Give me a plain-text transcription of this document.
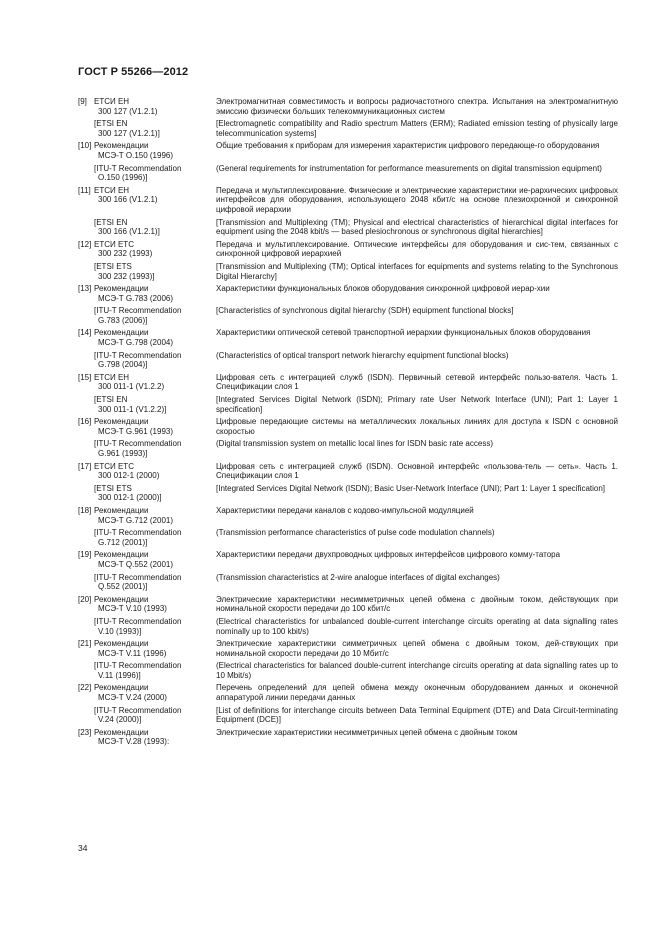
ГОСТ Р 55266—2012
[9] ЕТСИ ЕН
300 127 (V1.2.1)
Электромагнитная совместимость и вопросы радиочастотного спектра. Испытания на электромагнитную эмиссию физически больших телекоммуникационных систем
[ETSI EN
300 127 (V1.2.1)]
[Electromagnetic compatibility and Radio spectrum Matters (ERM); Radiated emission testing of physically large telecommunication systems]
[10] Рекомендации
МСЭ-Т О.150 (1996)
Общие требования к приборам для измерения характеристик цифрового передающе-го оборудования
[ITU-T Recommendation
O.150 (1996)]
(General requirements for instrumentation for performance measurements on digital transmission equipment)
[11] ЕТСИ ЕН
300 166 (V1.2.1)
Передача и мультиплексирование. Физические и электрические характеристики ие-рархических цифровых интерфейсов для оборудования, использующего 2048 кбит/с на основе плезиохронной и синхронной цифровой иерархии
[ETSI EN
300 166 (V1.2.1)]
[Transmission and Multiplexing (TM); Physical and electrical characteristics of hierarchical digital interfaces for equipment using the 2048 kbit/s — based plesiochronous or synchronous digital hierarchies]
[12] ЕТСИ ЕТС
300 232 (1993)
Передача и мультиплексирование. Оптические интерфейсы для оборудования и сис-тем, связанных с синхронной цифровой иерархией
[ETSI ETS
300 232 (1993)]
[Transmission and Multiplexing (TM); Optical interfaces for equipments and systems relating to the Synchronous Digital Hierarchy]
[13] Рекомендации
МСЭ-Т G.783 (2006)
Характеристики функциональных блоков оборудования синхронной цифровой иерар-хии
[ITU-T Recommendation
G.783 (2006)]
[Characteristics of synchronous digital hierarchy (SDH) equipment functional blocks]
[14] Рекомендации
МСЭ-Т G.798 (2004)
Характеристики оптической сетевой транспортной иерархии функциональных блоков оборудования
[ITU-T Recommendation
G.798 (2004)]
(Characteristics of optical transport network hierarchy equipment functional blocks)
[15] ЕТСИ ЕН
300 011-1 (V1.2.2)
Цифровая сеть с интеграцией служб (ISDN). Первичный сетевой интерфейс пользо-вателя. Часть 1. Спецификации слоя 1
[ETSI EN
300 011-1 (V1.2.2)]
[Integrated Services Digital Network (ISDN); Primary rate User Network Interface (UNI); Part 1: Layer 1 specification]
[16] Рекомендации
МСЭ-Т G.961 (1993)
Цифровые передающие системы на металлических локальных линиях для доступа к ISDN с основной скоростью
[ITU-T Recommendation
G.961 (1993)]
(Digital transmission system on metallic local lines for ISDN basic rate access)
[17] ЕТСИ ЕТС
300 012-1 (2000)
Цифровая сеть с интеграцией служб (ISDN). Основной интерфейс «пользова-тель — сеть». Часть 1. Спецификации слоя 1
[ETSI ETS
300 012-1 (2000)]
[Integrated Services Digital Network (ISDN); Basic User-Network Interface (UNI); Part 1: Layer 1 specification]
[18] Рекомендации
МСЭ-Т G.712 (2001)
Характеристики передачи каналов с кодово-импульсной модуляцией
[ITU-T Recommendation
G.712 (2001)]
(Transmission performance characteristics of pulse code modulation channels)
[19] Рекомендации
МСЭ-Т Q.552 (2001)
Характеристики передачи двухпроводных цифровых интерфейсов цифрового комму-татора
[ITU-T Recommendation
Q.552 (2001)]
(Transmission characteristics at 2-wire analogue interfaces of digital exchanges)
[20] Рекомендации
МСЭ-Т V.10 (1993)
Электрические характеристики несимметричных цепей обмена с двойным током, действующих при номинальной скорости передачи до 100 кбит/с
[ITU-T Recommendation
V.10 (1993)]
(Electrical characteristics for unbalanced double-current interchange circuits operating at data signalling rates nominally up to 100 kbit/s)
[21] Рекомендации
МСЭ-Т V.11 (1996)
Электрические характеристики симметричных цепей обмена с двойным током, дей-ствующих при номинальной скорости передачи до 10 Мбит/с
[ITU-T Recommendation
V.11 (1996)]
(Electrical characteristics for balanced double-current interchange circuits operating at data signalling rates up to 10 Mbit/s)
[22] Рекомендации
МСЭ-Т V.24 (2000)
Перечень определений для цепей обмена между оконечным оборудованием данных и оконечной аппаратурой линии передачи данных
[ITU-T Recommendation
V.24 (2000)]
[List of definitions for interchange circuits between Data Terminal Equipment (DTE) and Data Circuit-terminating Equipment (DCE)]
[23] Рекомендации
МСЭ-Т V.28 (1993):
Электрические характеристики несимметричных цепей обмена с двойным током
34
